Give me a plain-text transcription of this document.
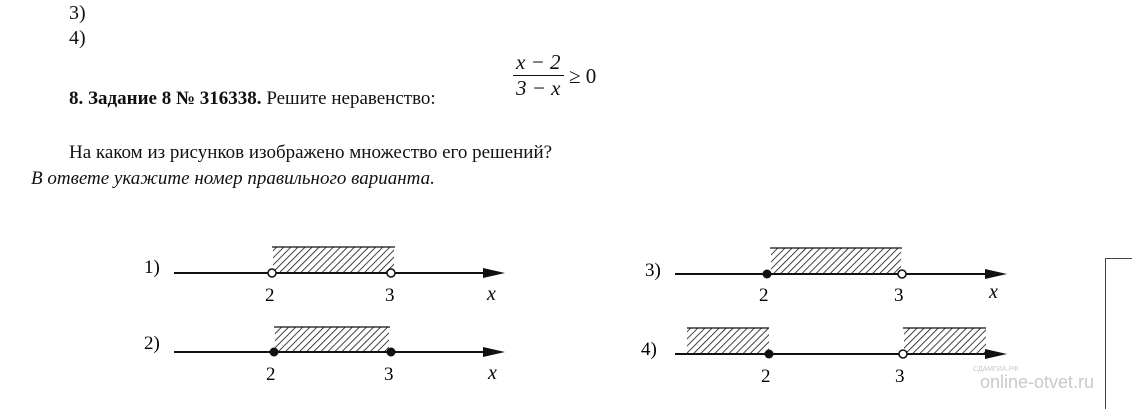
3)
4)
8. Задание 8 № 316338. Решите неравенство:	$\frac{x - 2}{3 - x} \ge 0$
На каком из рисунков изображено множество его решений?
В ответе укажите номер правильного варианта.
1)
2	3	x
2)
2	3	x
3)
2	3	x
4)
2	3	СДАМГИА.РФ
online-otvet.ru
